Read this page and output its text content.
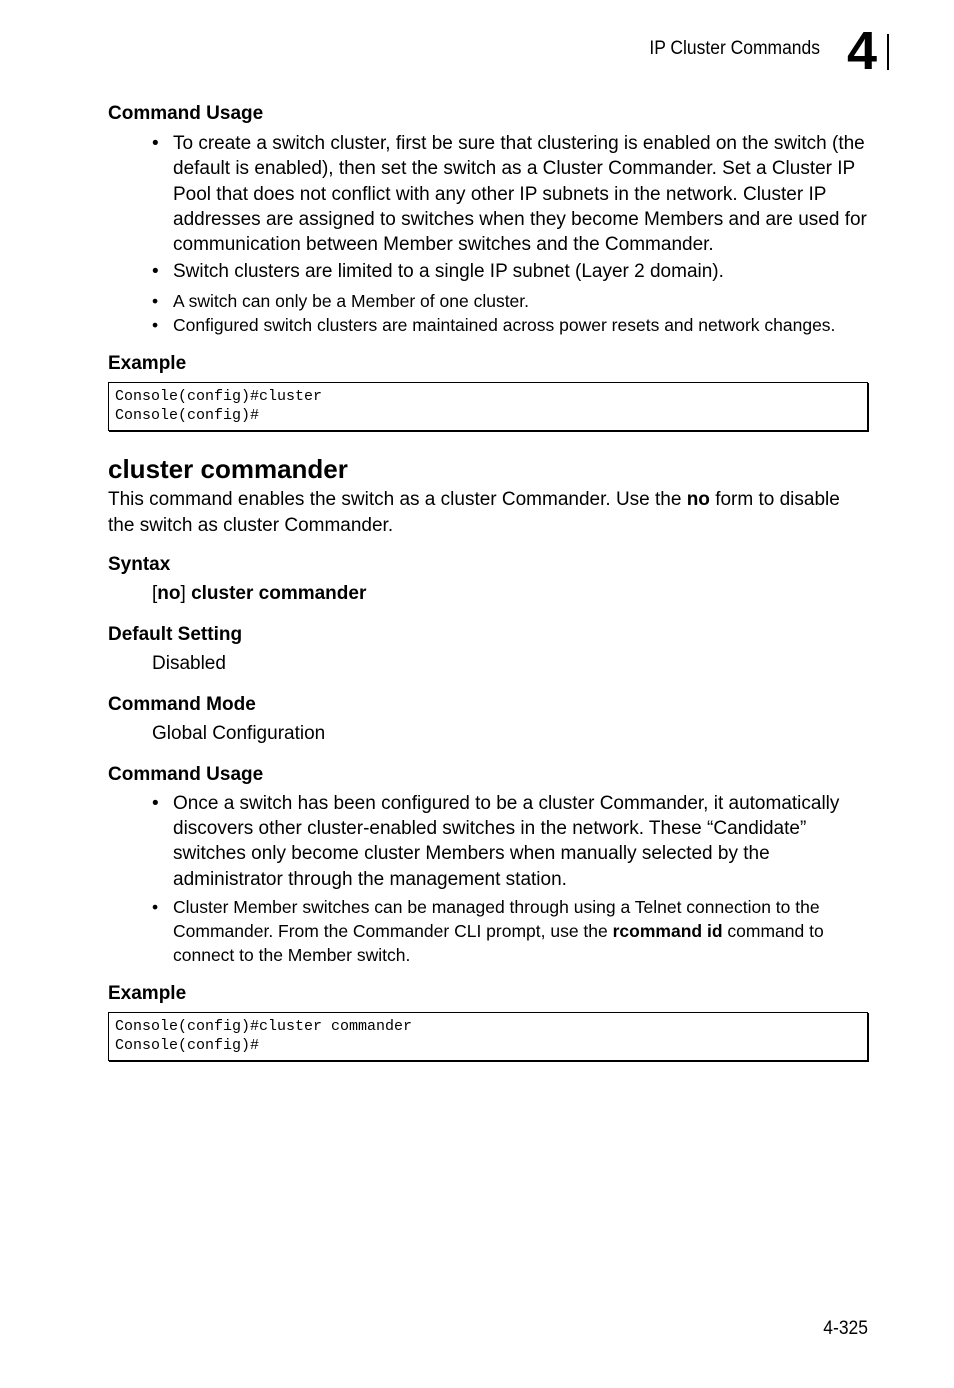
IP Cluster Commands 4
Command Usage
• To create a switch cluster, first be sure that clustering is enabled on the switch (the default is enabled), then set the switch as a Cluster Commander. Set a Cluster IP Pool that does not conflict with any other IP subnets in the network. Cluster IP addresses are assigned to switches when they become Members and are used for communication between Member switches and the Commander.
• Switch clusters are limited to a single IP subnet (Layer 2 domain).
• A switch can only be a Member of one cluster.
• Configured switch clusters are maintained across power resets and network changes.
Example
Console(config)#cluster
Console(config)#
cluster commander

This command enables the switch as a cluster Commander. Use the no form to disable the switch as cluster Commander.

Syntax
[no] cluster commander
Default Setting
Disabled
Command Mode
Global Configuration
Command Usage
• Once a switch has been configured to be a cluster Commander, it automatically discovers other cluster-enabled switches in the network. These “Candidate” switches only become cluster Members when manually selected by the administrator through the management station.
• Cluster Member switches can be managed through using a Telnet connection to the Commander. From the Commander CLI prompt, use the rcommand id command to connect to the Member switch.
Example
Console(config)#cluster commander
Console(config)#
4-325
